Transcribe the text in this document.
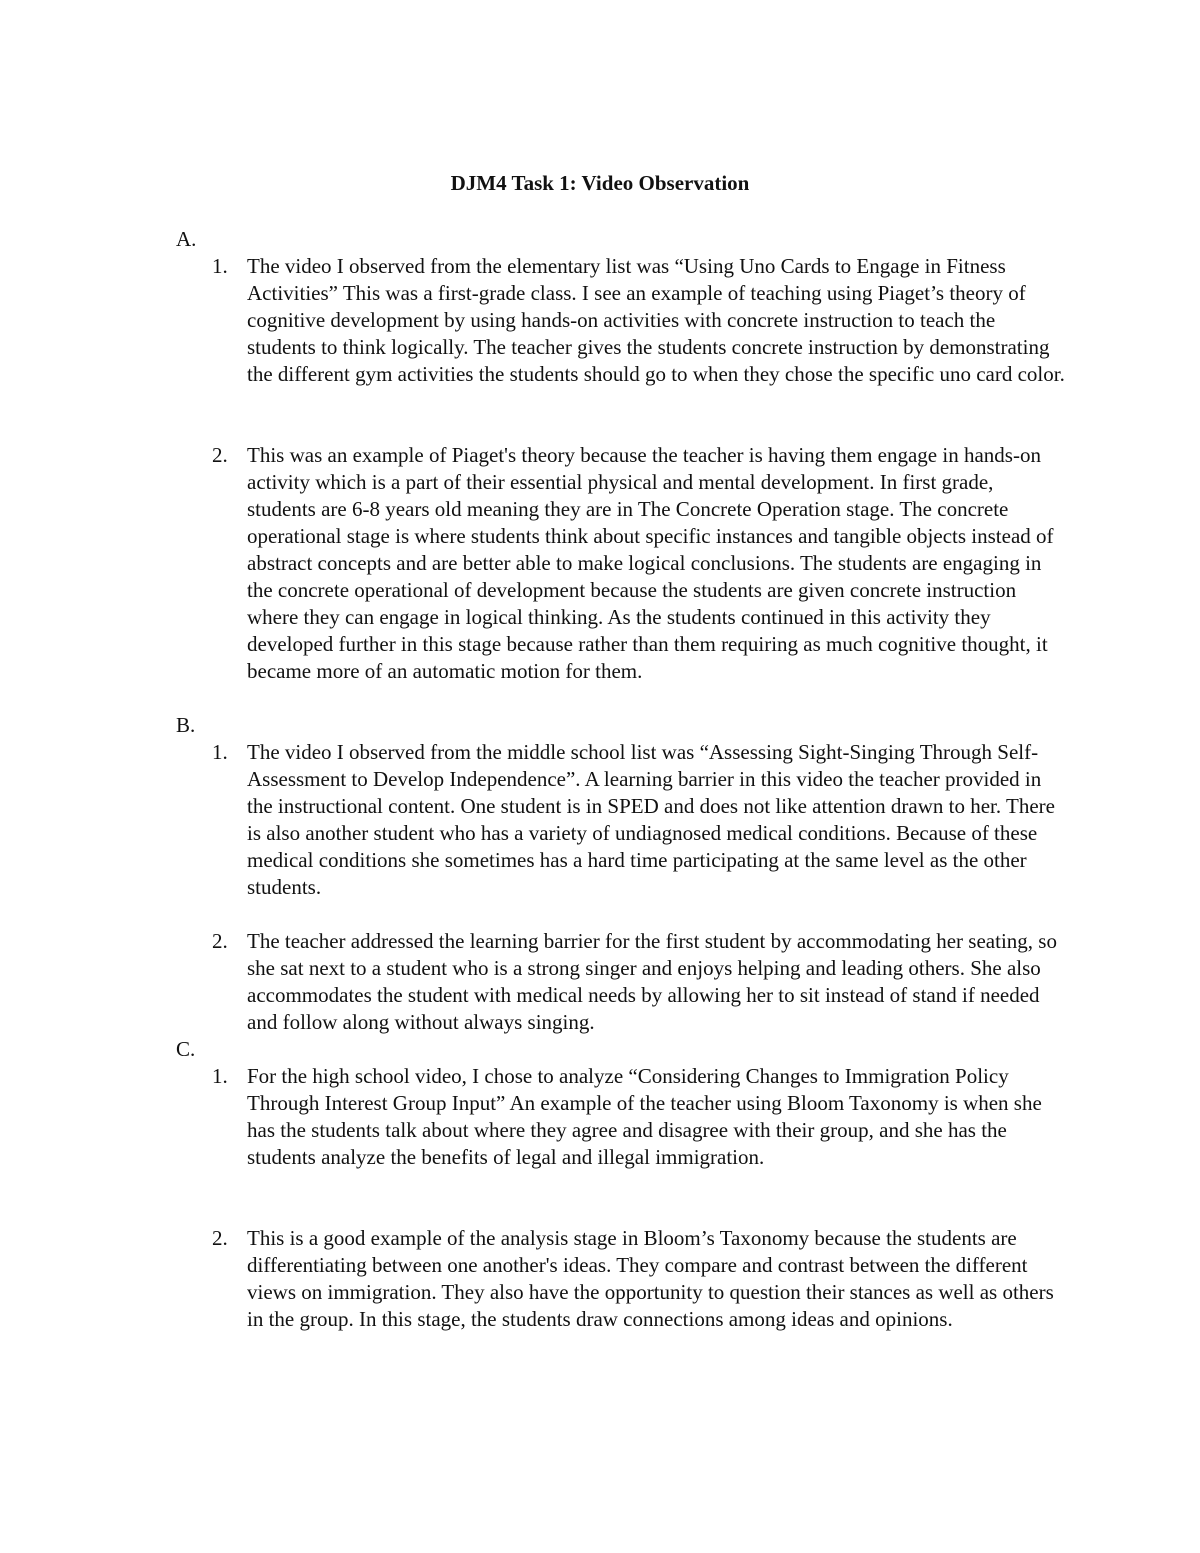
DJM4 Task 1: Video Observation

A.

1. The video I observed from the elementary list was “Using Uno Cards to Engage in Fitness Activities” This was a first-grade class. I see an example of teaching using Piaget’s theory of cognitive development by using hands-on activities with concrete instruction to teach the students to think logically. The teacher gives the students concrete instruction by demonstrating the different gym activities the students should go to when they chose the specific uno card color.
2. This was an example of Piaget's theory because the teacher is having them engage in hands-on activity which is a part of their essential physical and mental development. In first grade, students are 6-8 years old meaning they are in The Concrete Operation stage. The concrete operational stage is where students think about specific instances and tangible objects instead of abstract concepts and are better able to make logical conclusions. The students are engaging in the concrete operational of development because the students are given concrete instruction where they can engage in logical thinking. As the students continued in this activity they developed further in this stage because rather than them requiring as much cognitive thought, it became more of an automatic motion for them.

B.

1. The video I observed from the middle school list was “Assessing Sight-Singing Through Self-Assessment to Develop Independence”. A learning barrier in this video the teacher provided in the instructional content. One student is in SPED and does not like attention drawn to her. There is also another student who has a variety of undiagnosed medical conditions. Because of these medical conditions she sometimes has a hard time participating at the same level as the other students.
2. The teacher addressed the learning barrier for the first student by accommodating her seating, so she sat next to a student who is a strong singer and enjoys helping and leading others. She also accommodates the student with medical needs by allowing her to sit instead of stand if needed and follow along without always singing.

C.

1. For the high school video, I chose to analyze “Considering Changes to Immigration Policy Through Interest Group Input” An example of the teacher using Bloom Taxonomy is when she has the students talk about where they agree and disagree with their group, and she has the students analyze the benefits of legal and illegal immigration.
2. This is a good example of the analysis stage in Bloom’s Taxonomy because the students are differentiating between one another's ideas. They compare and contrast between the different views on immigration. They also have the opportunity to question their stances as well as others in the group. In this stage, the students draw connections among ideas and opinions.
